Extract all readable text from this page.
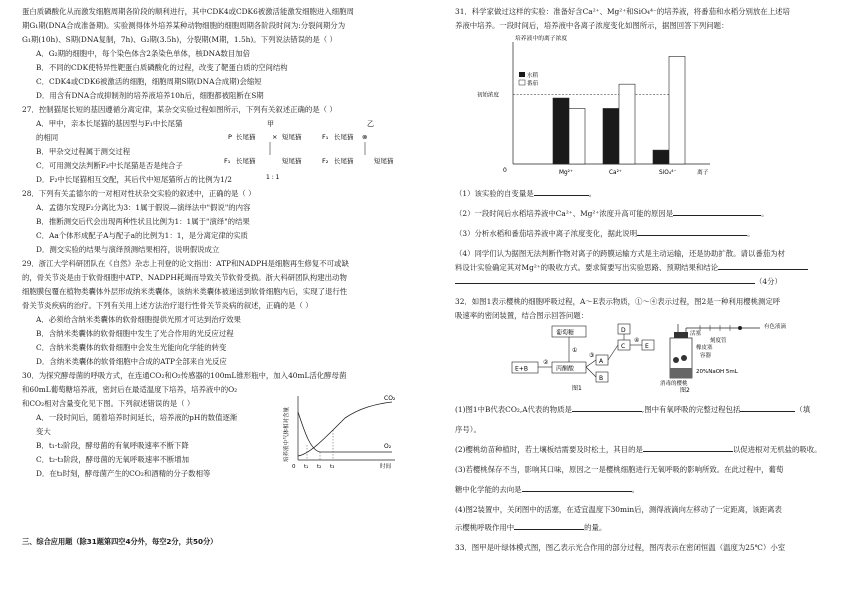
蛋白质磷酸化从而激发细胞周期各阶段的顺利进行，其中CDK4或CDK6被激活能激发细胞进入细胞周
期G₁期(DNA合成准备期)。实验测得体外培养某种动物细胞的细胞周期各阶段时间为:分裂间期分为
G₁期(10h)、S期(DNA复制，7h)、G₂期(3.5h)，分裂期(M期，1.5h)。下列说法错误的是（ ）
A．G₂期的细胞中，每个染色体含2条染色单体，核DNA数目加倍
B．不同的CDK使特异性靶蛋白质磷酸化的过程，改变了靶蛋白质的空间结构
C．CDK4或CDK6被激活的细胞，细胞周期S期(DNA合成期)会缩短
D．用含有DNA合成抑制剂的培养液培养10h后，细胞都被阻断在S期
27．控制猫尾长短的基因遵循分离定律，某杂交实验过程如图所示，下列有关叙述正确的是（ ）
A．甲中，亲本长尾猫的基因型与F₁中长尾猫
的相同
B．甲杂交过程属于测交过程
C．可用测交法判断F₂中长尾猫是否是纯合子
D．F₂中长尾猫相互交配，其后代中短尾猫所占的比例为1/2
甲	乙
P 长尾猫	× 短尾猫
F₁ 长尾猫	短尾猫
1 : 1
F₁ 长尾猫 ⊗
F₂ 长尾猫	短尾猫
28．下列有关孟德尔的一对相对性状杂交实验的叙述中，正确的是（ ）
A．孟德尔发现F₂分离比为3：1属于假说—演绎法中"假说"的内容
B．推断测交后代会出现两种性状且比例为1：1属于"演绎"的结果
C．Aa个体形成配子A与配子a的比例为1：1，是分离定律的实质
D．测交实验的结果与演绎预测结果相符，说明假说成立
29．浙江大学科研团队在《自然》杂志上刊登的论文指出：ATP和NADPH是细胞再生修复不可或缺
的，骨关节炎是由于软骨细胞中ATP、NADPH耗竭而导致关节软骨受损。浙大科研团队构建出动物
细胞膜包覆在植物类囊体外层形成纳米类囊体，该纳米类囊体被递送到软骨细胞内后，实现了退行性
骨关节炎疾病的治疗。下列有关用上述方法治疗退行性骨关节炎病的叙述，正确的是（ ）
A．必须给含纳米类囊体的软骨细胞提供光照才可达到治疗效果
B．含纳米类囊体的软骨细胞中发生了光合作用的光反应过程
C．含纳米类囊体的软骨细胞中会发生光能向化学能的转变
D．含纳米类囊体的软骨细胞中合成的ATP全部来自光反应
30．为探究酵母菌的呼吸方式，在连通CO₂和O₂传感器的100mL锥形瓶中，加入40mL活化酵母菌
和60mL葡萄糖培养液，密封后在最适温度下培养，培养液中的O₂
和CO₂相对含量变化见下图。下列叙述错误的是（ ）
A．一段时间后，随着培养时间延长，培养液的pH的数值逐渐
变大
B．t₁-t₂阶段，酵母菌的有氧呼吸速率不断下降
C．t₂-t₃阶段，酵母菌的无氧呼吸速率不断增加
D．在t₃时刻，酵母菌产生的CO₂和酒精的分子数相等
培养液中气体相对含量
0
CO₂
O₂
t₁ t₂ t₃	时间
三、综合应用题（除31题第四空4分外，每空2分，共50分）
31．科学家做过这样的实验：准备好含Ca²⁺、Mg²⁺和SiO₄⁴⁻的培养液，将番茄和水稻分别放在上述培
养液中培养。一段时间后，培养液中各离子浓度变化如图所示，据图回答下列问题：
培养液中的离子浓度
0	离子
初始浓度
水稻
番茄
Mg²⁺	Ca²⁺	SiO₄⁴⁻
（1）该实验的自变量是	。
（2）一段时间后水稻培养液中Ca²⁺、Mg²⁺浓度升高可能的原因是	。
（3）分析水稻和番茄培养液中离子浓度变化，据此说明	。
（4）同学们认为据图无法判断作物对离子的跨膜运输方式是主动运输，还是协助扩散。请以番茄为材
料设计实验确定其对Mg²⁺的吸收方式。要求简要写出实验思路、预期结果和结论
（4分）
32．如图1表示樱桃的细胞呼吸过程，A～E表示物质，①～④表示过程，图2是一种利用樱桃测定呼
吸速率的密闭装置，结合图示回答问题：
葡萄糖
①
丙酮酸
E+B
②	A
B
③
C
D
④
E
图1
活塞
有色液滴
刻度管
橡皮塞
容器
20%NaOH 5mL
消毒的樱桃
图2
(1)图1中B代表CO₂,A代表的物质是	,图中有氧呼吸的完整过程包括	（填
序号）。
(2)樱桃幼苗种植时，若土壤板结需要及时松土，其目的是	以促进根对无机盐的吸收。
(3)若樱桃保存不当，影响其口味，原因之一是樱桃细胞进行无氧呼吸的影响所致。在此过程中，葡萄
糖中化学能的去向是	。
(4)图2装置中，关闭图中的活塞，在适宜温度下30min后，测得液滴向左移动了一定距离，该距离表
示樱桃呼吸作用中	的量。
33．图甲是叶绿体模式图，图乙表示光合作用的部分过程，图丙表示在密闭恒温（温度为25℃）小室
